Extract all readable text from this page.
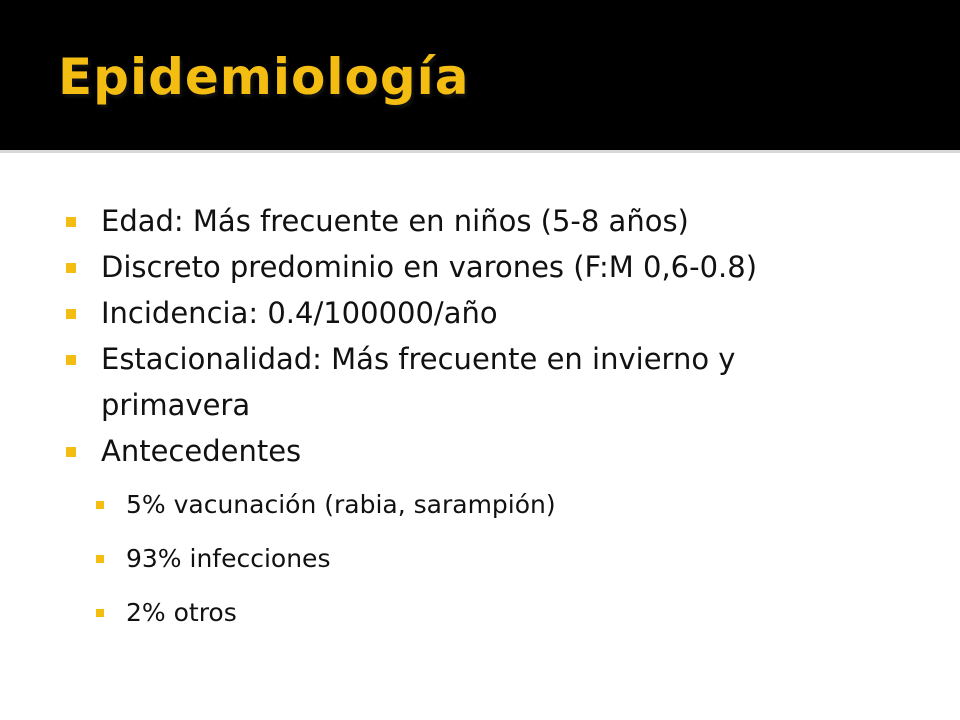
Epidemiología
Edad: Más frecuente en niños (5-8 años)
Discreto predominio en varones (F:M 0,6-0.8)
Incidencia: 0.4/100000/año
Estacionalidad: Más frecuente en invierno y
primavera
Antecedentes
5% vacunación (rabia, sarampión)
93% infecciones
2% otros
